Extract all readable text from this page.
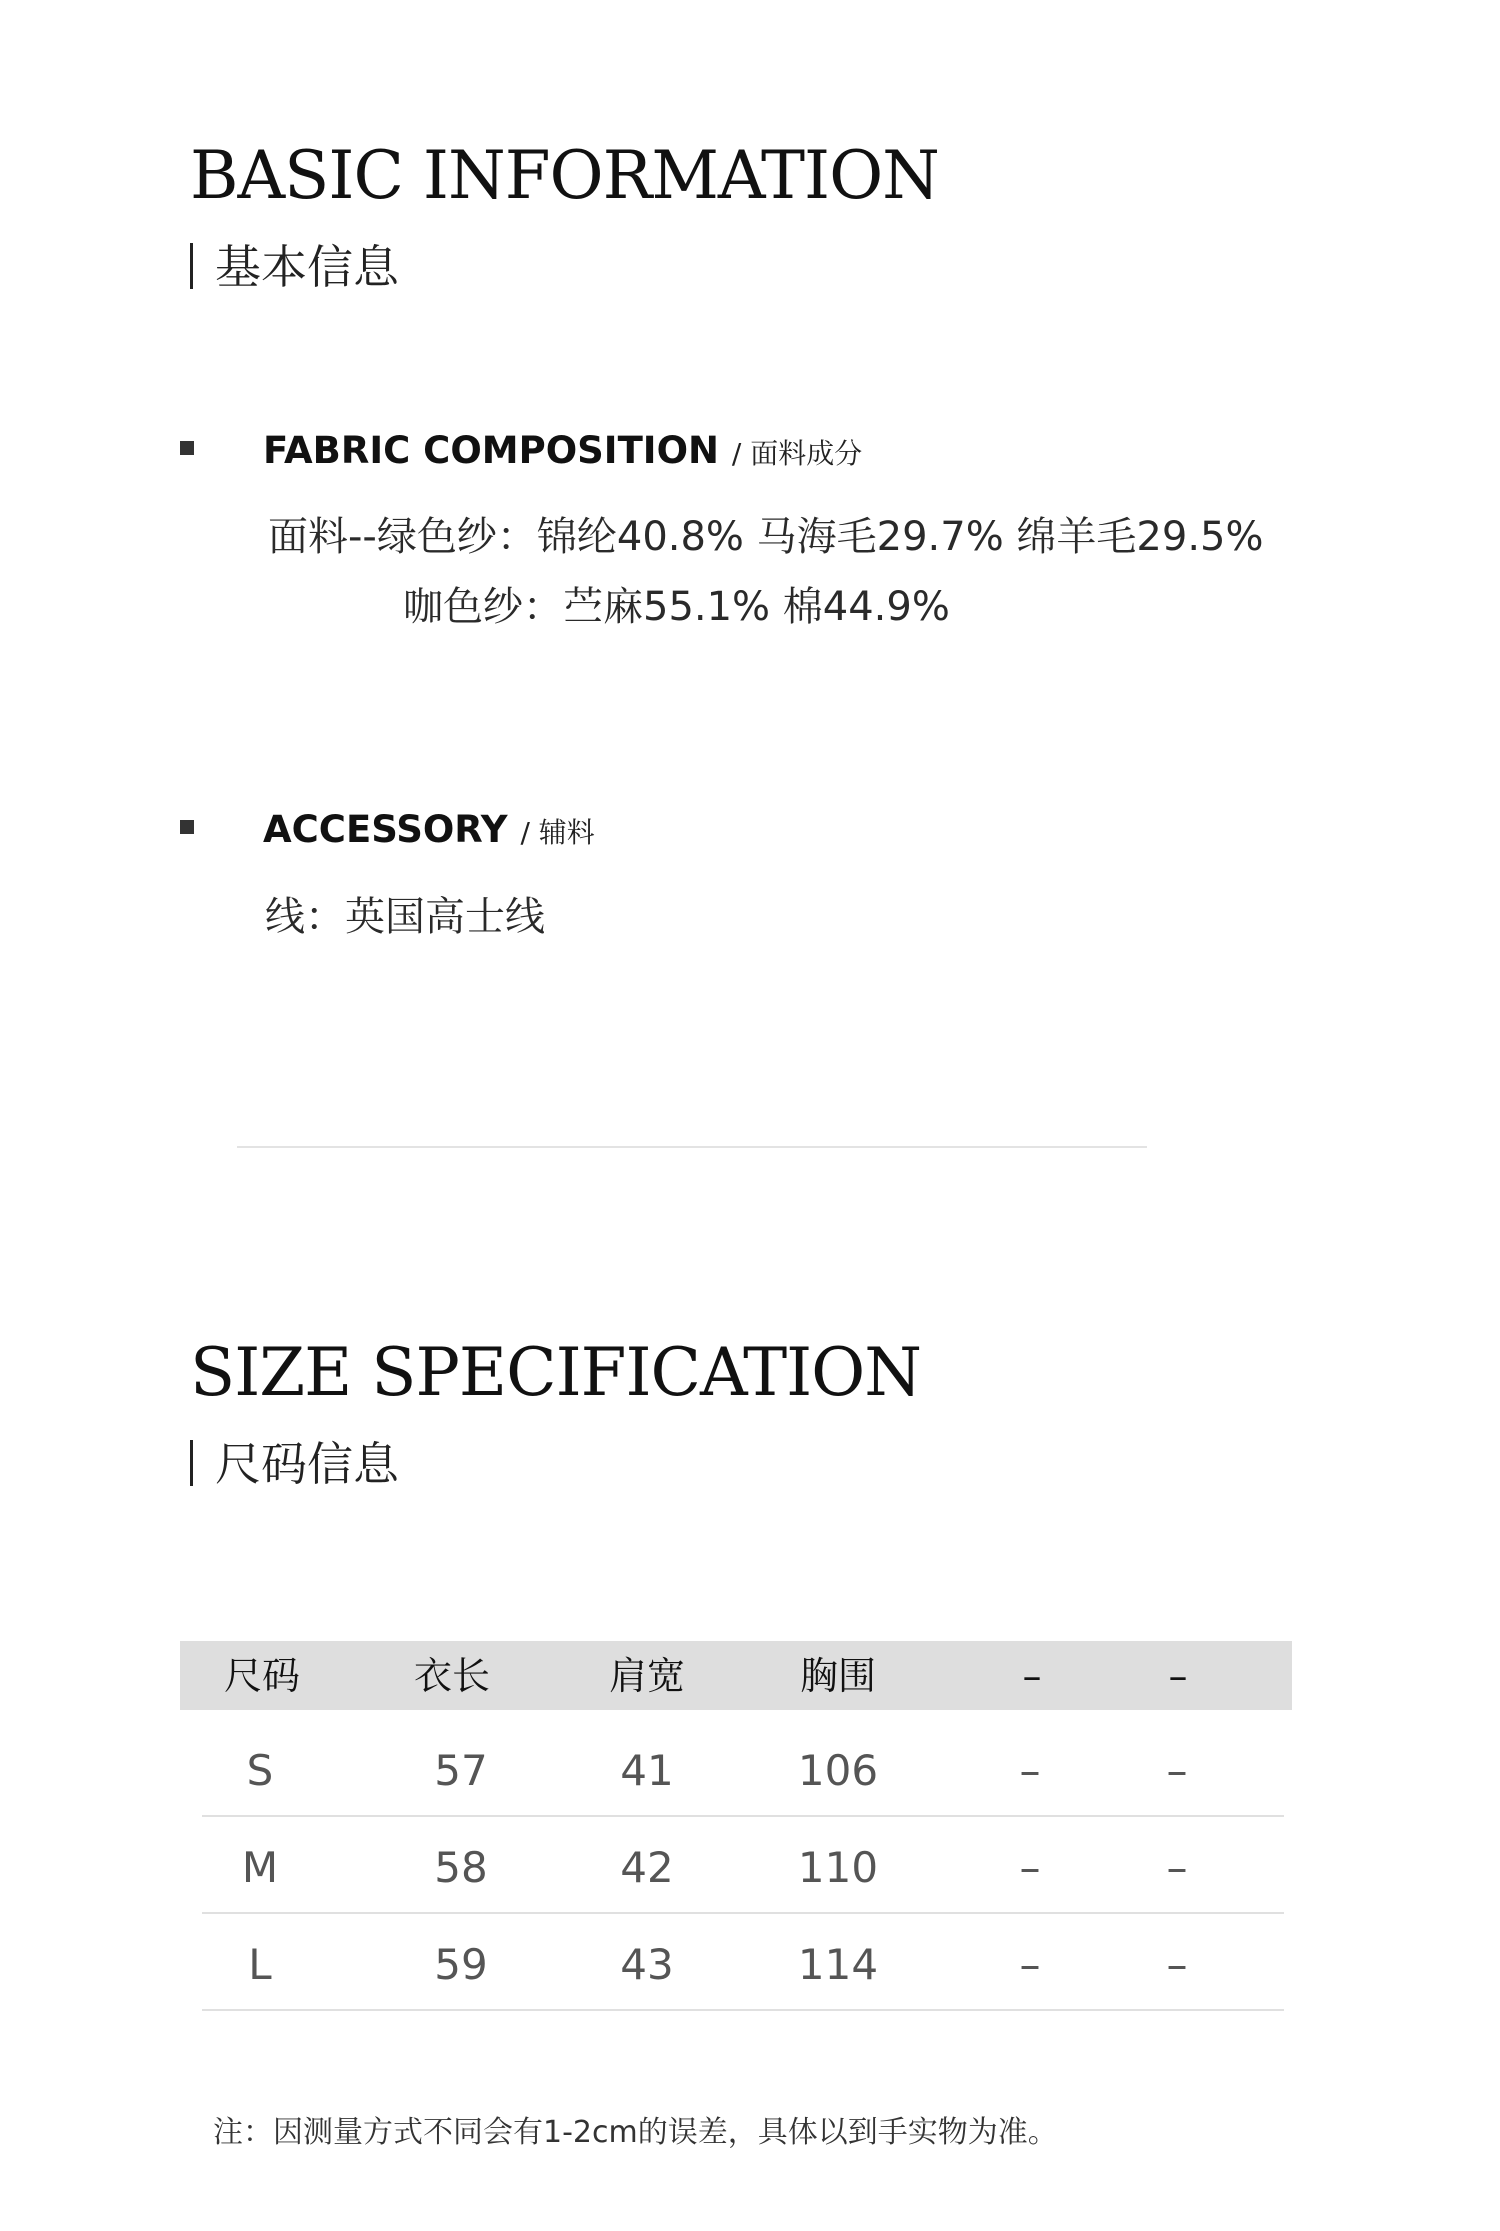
BASIC INFORMATION
基本信息
FABRIC COMPOSITION / 面料成分
面料--绿色纱：锦纶40.8% 马海毛29.7% 绵羊毛29.5%
咖色纱：苎麻55.1% 棉44.9%
ACCESSORY / 辅料
线：英国高士线
SIZE SPECIFICATION
尺码信息
尺码	衣长	肩宽	胸围	–	–
S	57	41	106	–	–
M	58	42	110	–	–
L	59	43	114	–	–
注：因测量方式不同会有1-2cm的误差，具体以到手实物为准。
